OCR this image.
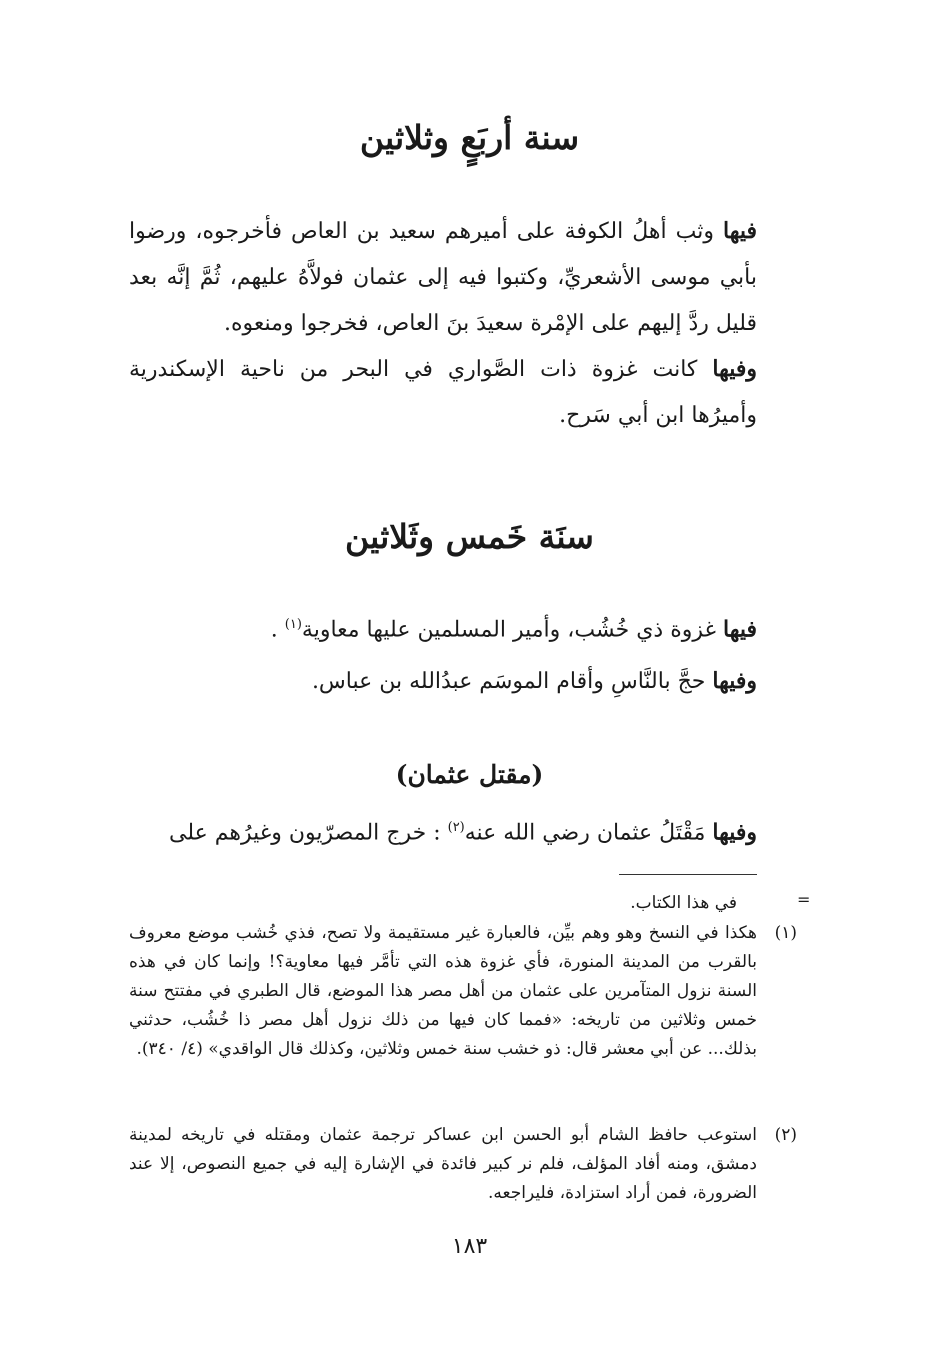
سنة أربَعٍ وثلاثين

فيها وثب أهلُ الكوفة على أميرهم سعيد بن العاص فأخرجوه، ورضوا بأبي موسى الأشعريِّ، وكتبوا فيه إلى عثمان فولاَّهُ عليهم، ثُمَّ إنَّه بعد قليل ردَّ إليهم على الإمْرة سعيدَ بنَ العاص، فخرجوا ومنعوه.

وفيها كانت غزوة ذات الصَّواري في البحر من ناحية الإسكندرية وأميرُها ابن أبي سَرح.

سنَة خَمس وثَلاثين

فيها غزوة ذي خُشُب، وأمير المسلمين عليها معاوية$^{(١)}$ .

وفيها حجَّ بالنَّاسِ وأقام الموسَم عبدُالله بن عباس.

(مقتل عثمان)

وفيها مَقْتَلُ عثمان رضي الله عنه$^{(٢)}$ : خرج المصرّيون وغيرُهم على

=

في هذا الكتاب.

(١)
هكذا في النسخ وهو وهم بيِّن، فالعبارة غير مستقيمة ولا تصح، فذي خُشب موضع معروف بالقرب من المدينة المنورة، فأي غزوة هذه التي تأمَّر فيها معاوية؟! وإنما كان في هذه السنة نزول المتآمرين على عثمان من أهل مصر هذا الموضع، قال الطبري في مفتتح سنة خمس وثلاثين من تاريخه: «فمما كان فيها من ذلك نزول أهل مصر ذا خُشُب، حدثني بذلك... عن أبي معشر قال: ذو خشب سنة خمس وثلاثين، وكذلك قال الواقدي» (٤/ ٣٤٠).
(٢)
استوعب حافظ الشام أبو الحسن ابن عساكر ترجمة عثمان ومقتله في تاريخه لمدينة دمشق، ومنه أفاد المؤلف، فلم نر كبير فائدة في الإشارة إليه في جميع النصوص، إلا عند الضرورة، فمن أراد استزادة، فليراجعه.
١٨٣
